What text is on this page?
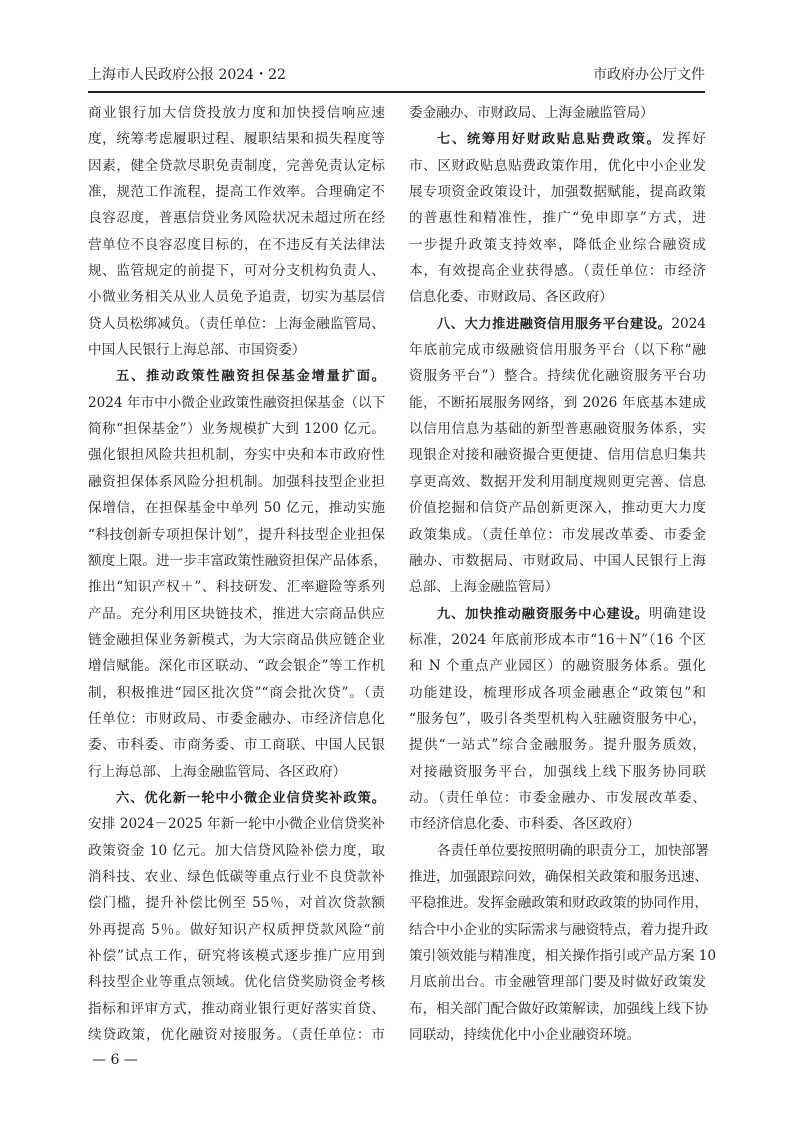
上海市人民政府公报 2024・22	市政府办公厅文件
商业银行加大信贷投放力度和加快授信响应速
度，统筹考虑履职过程、履职结果和损失程度等
因素，健全贷款尽职免责制度，完善免责认定标
准，规范工作流程，提高工作效率。合理确定不
良容忍度，普惠信贷业务风险状况未超过所在经
营单位不良容忍度目标的，在不违反有关法律法
规、监管规定的前提下，可对分支机构负责人、
小微业务相关从业人员免予追责，切实为基层信
贷人员松绑减负。（责任单位：上海金融监管局、
中国人民银行上海总部、市国资委）
五、推动政策性融资担保基金增量扩面。
2024 年市中小微企业政策性融资担保基金（以下
简称“担保基金”）业务规模扩大到 1200 亿元。
强化银担风险共担机制，夯实中央和本市政府性
融资担保体系风险分担机制。加强科技型企业担
保增信，在担保基金中单列 50 亿元，推动实施
“科技创新专项担保计划”，提升科技型企业担保
额度上限。进一步丰富政策性融资担保产品体系，
推出“知识产权＋”、科技研发、汇率避险等系列
产品。充分利用区块链技术，推进大宗商品供应
链金融担保业务新模式，为大宗商品供应链企业
增信赋能。深化市区联动、“政会银企”等工作机
制，积极推进“园区批次贷”“商会批次贷”。（责
任单位：市财政局、市委金融办、市经济信息化
委、市科委、市商务委、市工商联、中国人民银
行上海总部、上海金融监管局、各区政府）
六、优化新一轮中小微企业信贷奖补政策。
安排 2024－2025 年新一轮中小微企业信贷奖补
政策资金 10 亿元。加大信贷风险补偿力度，取
消科技、农业、绿色低碳等重点行业不良贷款补
偿门槛，提升补偿比例至 55％，对首次贷款额
外再提高 5％。做好知识产权质押贷款风险“前
补偿”试点工作，研究将该模式逐步推广应用到
科技型企业等重点领域。优化信贷奖励资金考核
指标和评审方式，推动商业银行更好落实首贷、
续贷政策，优化融资对接服务。（责任单位：市
委金融办、市财政局、上海金融监管局）
七、统筹用好财政贴息贴费政策。发挥好
市、区财政贴息贴费政策作用，优化中小企业发
展专项资金政策设计，加强数据赋能，提高政策
的普惠性和精准性，推广“免申即享”方式，进
一步提升政策支持效率，降低企业综合融资成
本，有效提高企业获得感。（责任单位：市经济
信息化委、市财政局、各区政府）
八、大力推进融资信用服务平台建设。2024
年底前完成市级融资信用服务平台（以下称“融
资服务平台”）整合。持续优化融资服务平台功
能，不断拓展服务网络，到 2026 年底基本建成
以信用信息为基础的新型普惠融资服务体系，实
现银企对接和融资撮合更便捷、信用信息归集共
享更高效、数据开发利用制度规则更完善、信息
价值挖掘和信贷产品创新更深入，推动更大力度
政策集成。（责任单位：市发展改革委、市委金
融办、市数据局、市财政局、中国人民银行上海
总部、上海金融监管局）
九、加快推动融资服务中心建设。明确建设
标准，2024 年底前形成本市“16＋N”（16 个区
和 N 个重点产业园区）的融资服务体系。强化
功能建设，梳理形成各项金融惠企“政策包”和
“服务包”，吸引各类型机构入驻融资服务中心，
提供“一站式”综合金融服务。提升服务质效，
对接融资服务平台，加强线上线下服务协同联
动。（责任单位：市委金融办、市发展改革委、
市经济信息化委、市科委、各区政府）
各责任单位要按照明确的职责分工，加快部署
推进，加强跟踪问效，确保相关政策和服务迅速、
平稳推进。发挥金融政策和财政政策的协同作用，
结合中小企业的实际需求与融资特点，着力提升政
策引领效能与精准度，相关操作指引或产品方案 10
月底前出台。市金融管理部门要及时做好政策发
布，相关部门配合做好政策解读，加强线上线下协
同联动，持续优化中小企业融资环境。
— 6 —
